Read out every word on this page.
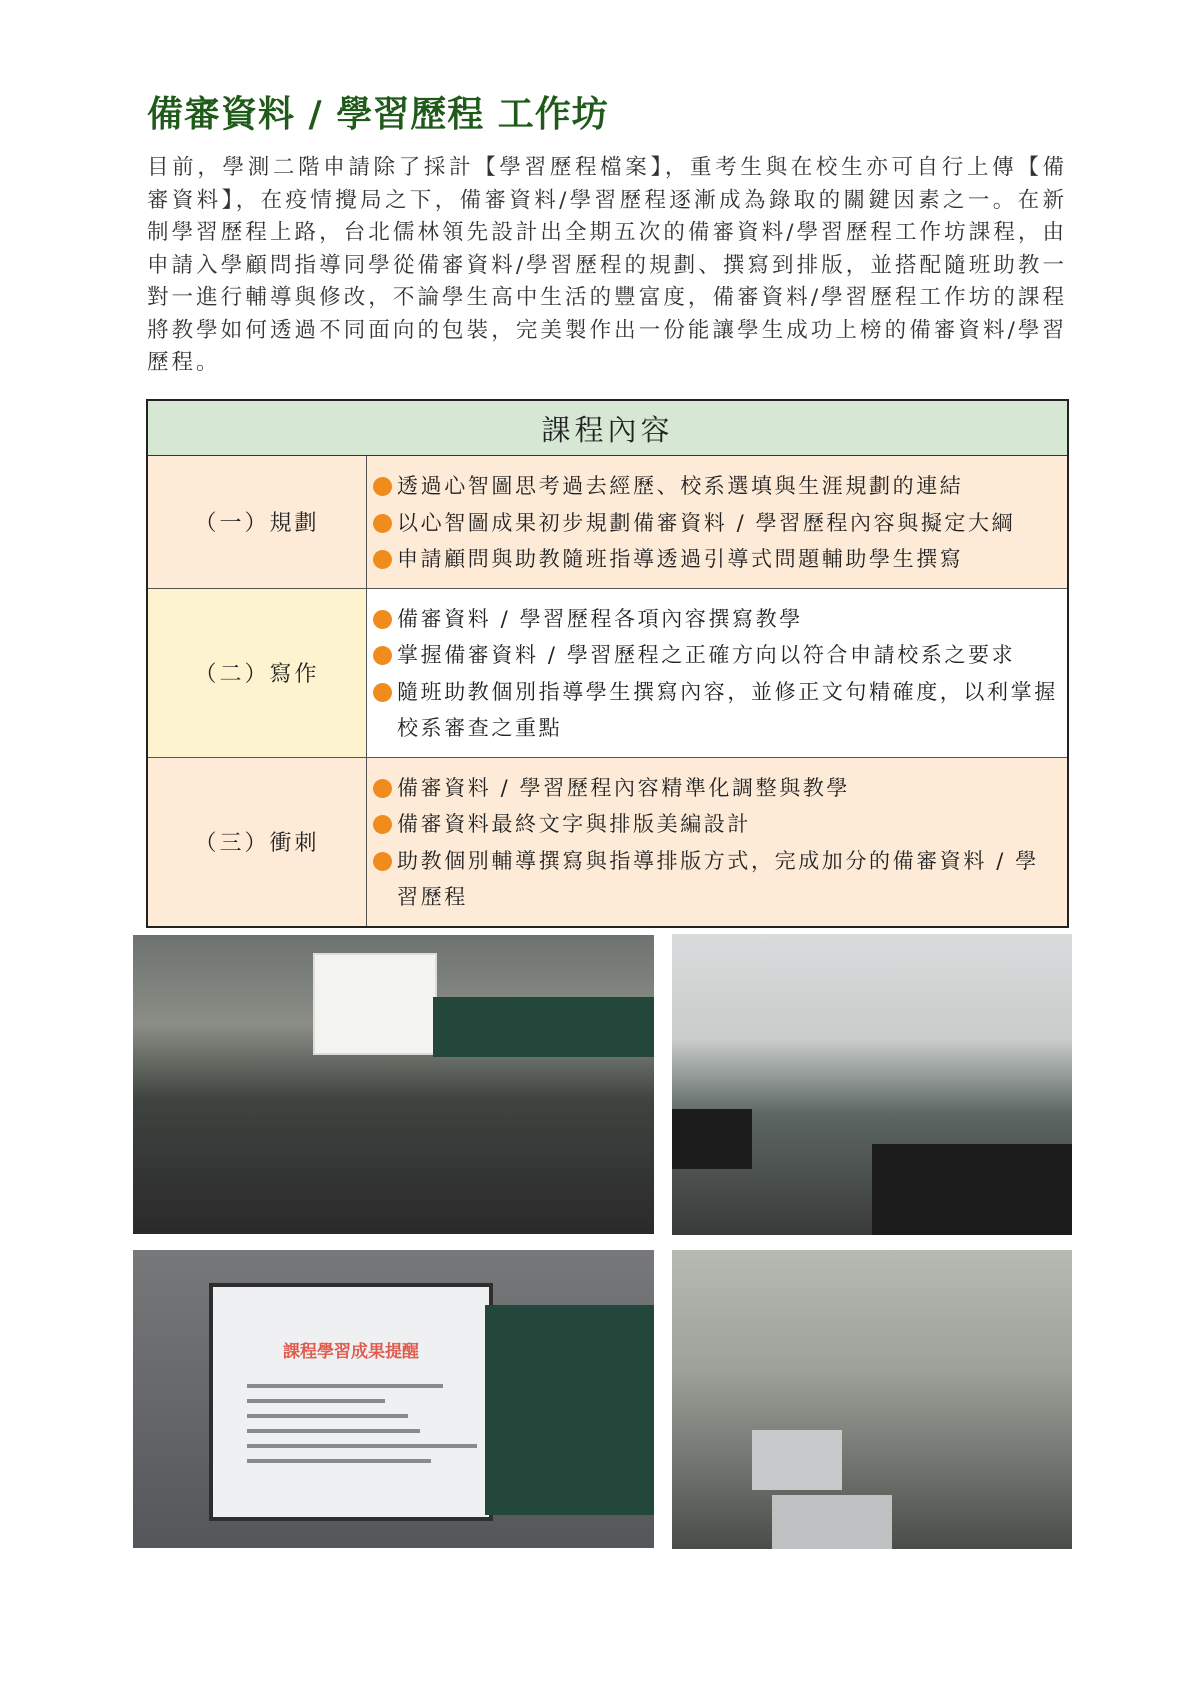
備審資料 / 學習歷程 工作坊
目前，學測二階申請除了採計【學習歷程檔案】，重考生與在校生亦可自行上傳【備審資料】，在疫情攪局之下，備審資料/學習歷程逐漸成為錄取的關鍵因素之一。在新制學習歷程上路，台北儒林領先設計出全期五次的備審資料/學習歷程工作坊課程，由申請入學顧問指導同學從備審資料/學習歷程的規劃、撰寫到排版，並搭配隨班助教一對一進行輔導與修改，不論學生高中生活的豐富度，備審資料/學習歷程工作坊的課程將教學如何透過不同面向的包裝，完美製作出一份能讓學生成功上榜的備審資料/學習歷程。
課程內容	
（一）規劃	透過心智圖思考過去經歷、校系選填與生涯規劃的連結
以心智圖成果初步規劃備審資料 / 學習歷程內容與擬定大綱
申請顧問與助教隨班指導透過引導式問題輔助學生撰寫

（二）寫作	備審資料 / 學習歷程各項內容撰寫教學
掌握備審資料 / 學習歷程之正確方向以符合申請校系之要求
隨班助教個別指導學生撰寫內容，並修正文句精確度，以利掌握校系審查之重點

（三）衝刺	備審資料 / 學習歷程內容精準化調整與教學
備審資料最終文字與排版美編設計
助教個別輔導撰寫與指導排版方式，完成加分的備審資料 / 學習歷程
課程學習成果提醒
